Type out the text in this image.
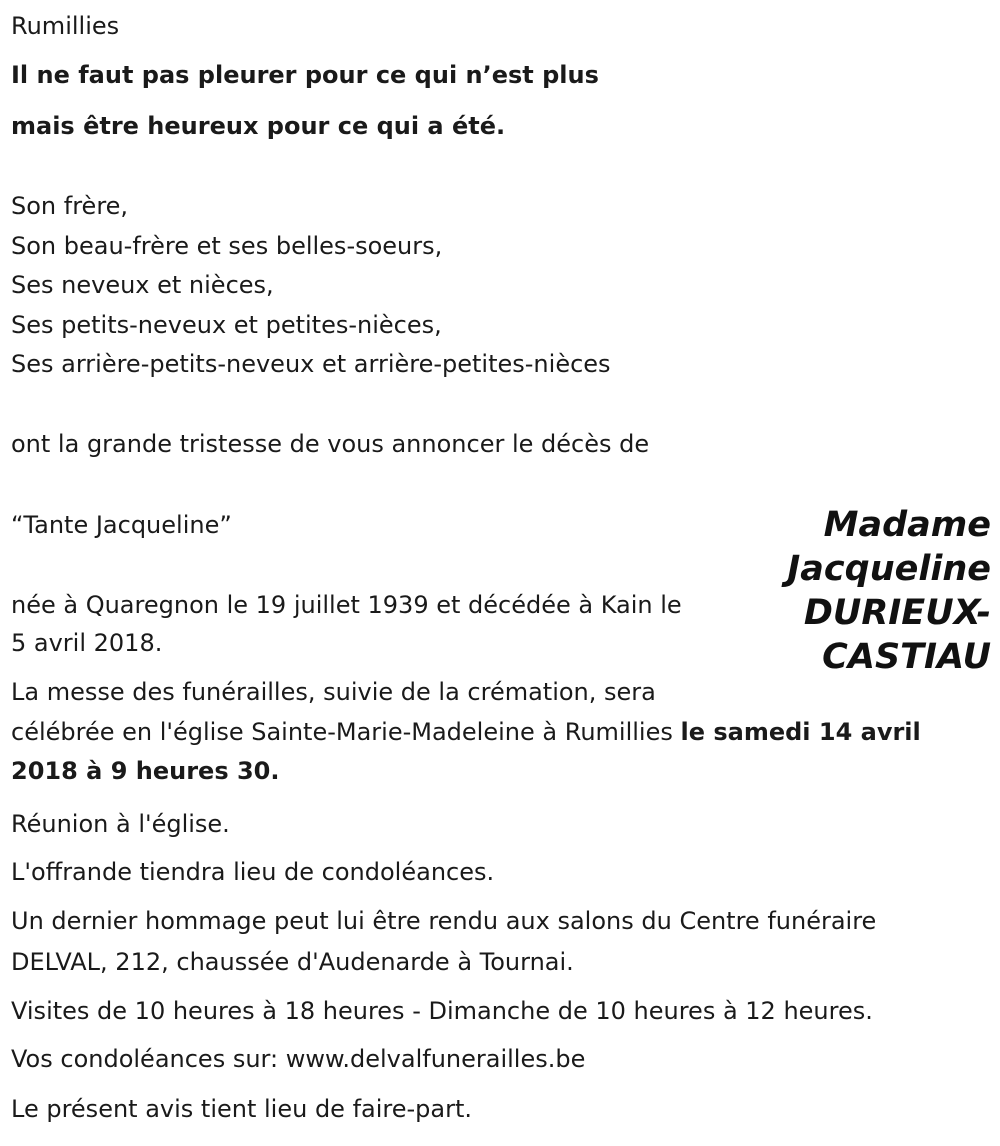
Rumillies
Il ne faut pas pleurer pour ce qui n’est plus
mais être heureux pour ce qui a été.
Son frère,
Son beau-frère et ses belles-soeurs,
Ses neveux et nièces,
Ses petits-neveux et petites-nièces,
Ses arrière-petits-neveux et arrière-petites-nièces
ont la grande tristesse de vous annoncer le décès de
“Tante Jacqueline”
née à Quaregnon le 19 juillet 1939 et décédée à Kain le
5 avril 2018.
La messe des funérailles, suivie de la crémation, sera
célébrée en l'église Sainte-Marie-Madeleine à Rumillies le samedi 14 avril
2018 à 9 heures 30.
Réunion à l'église.
L'offrande tiendra lieu de condoléances.
Un dernier hommage peut lui être rendu aux salons du Centre funéraire
DELVAL, 212, chaussée d'Audenarde à Tournai.
Visites de 10 heures à 18 heures - Dimanche de 10 heures à 12 heures.
Vos condoléances sur: www.delvalfunerailles.be
Le présent avis tient lieu de faire-part.
Madame
Jacqueline
DURIEUX-
CASTIAU
